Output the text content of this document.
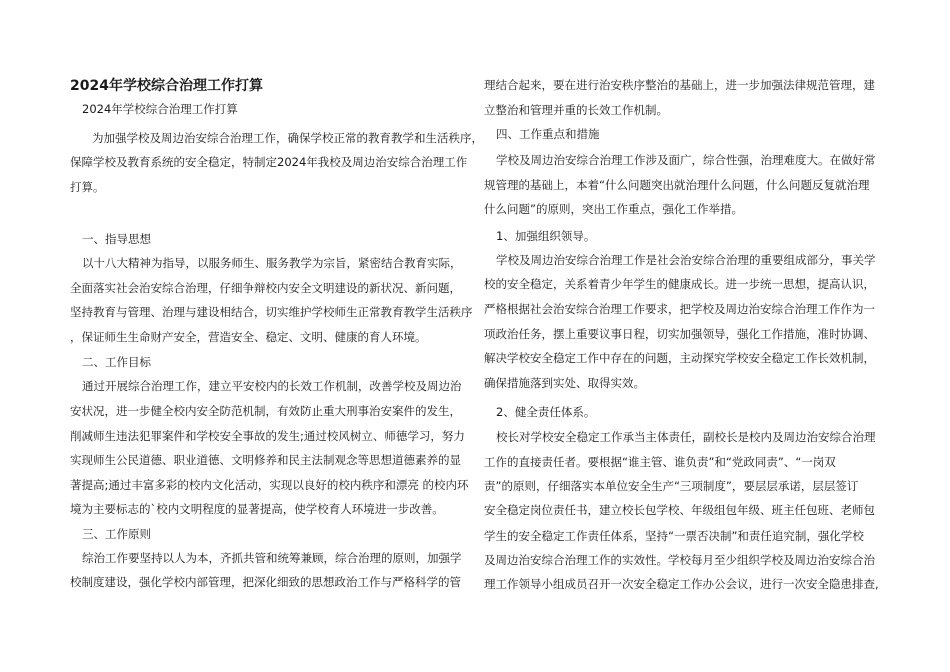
2024年学校综合治理工作打算
2024年学校综合治理工作打算
为加强学校及周边治安综合治理工作，确保学校正常的教育教学和生活秩序，
保障学校及教育系统的安全稳定，特制定2024年我校及周边治安综合治理工作
打算。
一、指导思想
以十八大精神为指导，以服务师生、服务教学为宗旨，紧密结合教育实际，
全面落实社会治安综合治理，仔细争辩校内安全文明建设的新状况、新问题，
坚持教育与管理、治理与建设相结合，切实维护学校师生正常教育教学生活秩序
，保证师生生命财产安全，营造安全、稳定、文明、健康的育人环境。
二、工作目标
通过开展综合治理工作，建立平安校内的长效工作机制，改善学校及周边治
安状况，进一步健全校内安全防范机制，有效防止重大刑事治安案件的发生，
削减师生违法犯罪案件和学校安全事故的发生;通过校风树立、师德学习，努力
实现师生公民道德、职业道德、文明修养和民主法制观念等思想道德素养的显
著提高;通过丰富多彩的校内文化活动，实现以良好的校内秩序和漂亮 的校内环
境为主要标志的`校内文明程度的显著提高，使学校育人环境进一步改善。
三、工作原则
综治工作要坚持以人为本，齐抓共管和统筹兼顾，综合治理的原则，加强学
校制度建设，强化学校内部管理，把深化细致的思想政治工作与严格科学的管
理结合起来，要在进行治安秩序整治的基础上，进一步加强法律规范管理，建
立整治和管理并重的长效工作机制。
四、工作重点和措施
学校及周边治安综合治理工作涉及面广，综合性强，治理难度大。在做好常
规管理的基础上，本着“什么问题突出就治理什么问题，什么问题反复就治理
什么问题”的原则，突出工作重点，强化工作举措。
1、加强组织领导。
学校及周边治安综合治理工作是社会治安综合治理的重要组成部分，事关学
校的安全稳定，关系着青少年学生的健康成长。进一步统一思想，提高认识，
严格根据社会治安综合治理工作要求，把学校及周边治安综合治理工作作为一
项政治任务，摆上重要议事日程，切实加强领导，强化工作措施，准时协调、
解决学校安全稳定工作中存在的问题，主动探究学校安全稳定工作长效机制，
确保措施落到实处、取得实效。
2、健全责任体系。
校长对学校安全稳定工作承当主体责任，副校长是校内及周边治安综合治理
工作的直接责任者。要根据“谁主管、谁负责”和“党政同责”、“一岗双
责”的原则，仔细落实本单位安全生产“三项制度”，要层层承诺，层层签订
安全稳定岗位责任书，建立校长包学校、年级组包年级、班主任包班、老师包
学生的安全稳定工作责任体系，坚持“一票否决制”和责任追究制，强化学校
及周边治安综合治理工作的实效性。学校每月至少组织学校及周边治安综合治
理工作领导小组成员召开一次安全稳定工作办公会议，进行一次安全隐患排查,
